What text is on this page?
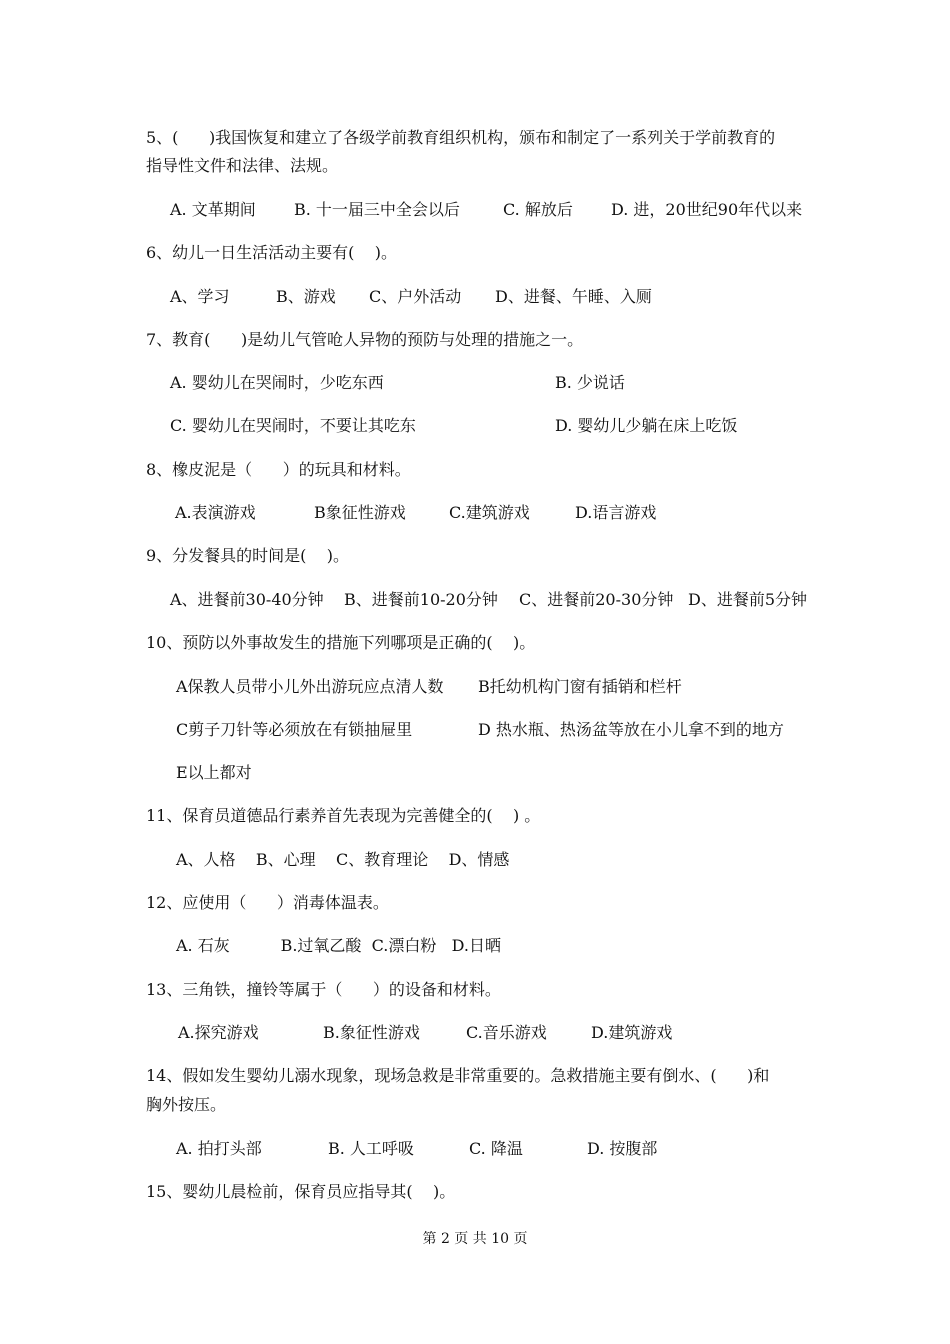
5、(      )我国恢复和建立了各级学前教育组织机构，颁布和制定了一系列关于学前教育的
指导性文件和法律、法规。
A. 文革期间 B. 十一届三中全会以后	C. 解放后 D. 进，20世纪90年代以来
6、幼儿一日生活活动主要有(    )。
A、学习	B、游戏 C、户外活动 D、进餐、午睡、入厕
7、教育(      )是幼儿气管呛人异物的预防与处理的措施之一。
A. 婴幼儿在哭闹时，少吃东西	B. 少说话
C. 婴幼儿在哭闹时，不要让其吃东	D. 婴幼儿少躺在床上吃饭
8、橡皮泥是（      ）的玩具和材料。
A.表演游戏	B象征性游戏	C.建筑游戏	D.语言游戏
9、分发餐具的时间是(    )。
A、进餐前30-40分钟 B、进餐前10-20分钟 C、进餐前20-30分钟 D、进餐前5分钟
10、预防以外事故发生的措施下列哪项是正确的(    )。
A保教人员带小儿外出游玩应点清人数 B托幼机构门窗有插销和栏杆
C剪子刀针等必须放在有锁抽屉里	D 热水瓶、热汤盆等放在小儿拿不到的地方
E以上都对
11、保育员道德品行素养首先表现为完善健全的(    ) 。
A、人格    B、心理    C、教育理论    D、情感
12、应使用（      ）消毒体温表。
A. 石灰          B.过氧乙酸  C.漂白粉   D.日晒
13、三角铁，撞铃等属于（      ）的设备和材料。
A.探究游戏	B.象征性游戏	C.音乐游戏	D.建筑游戏
14、假如发生婴幼儿溺水现象，现场急救是非常重要的。急救措施主要有倒水、(      )和
胸外按压。
A. 拍打头部	B. 人工呼吸	C. 降温	D. 按腹部
15、婴幼儿晨检前，保育员应指导其(    )。
第 2 页 共 10 页
